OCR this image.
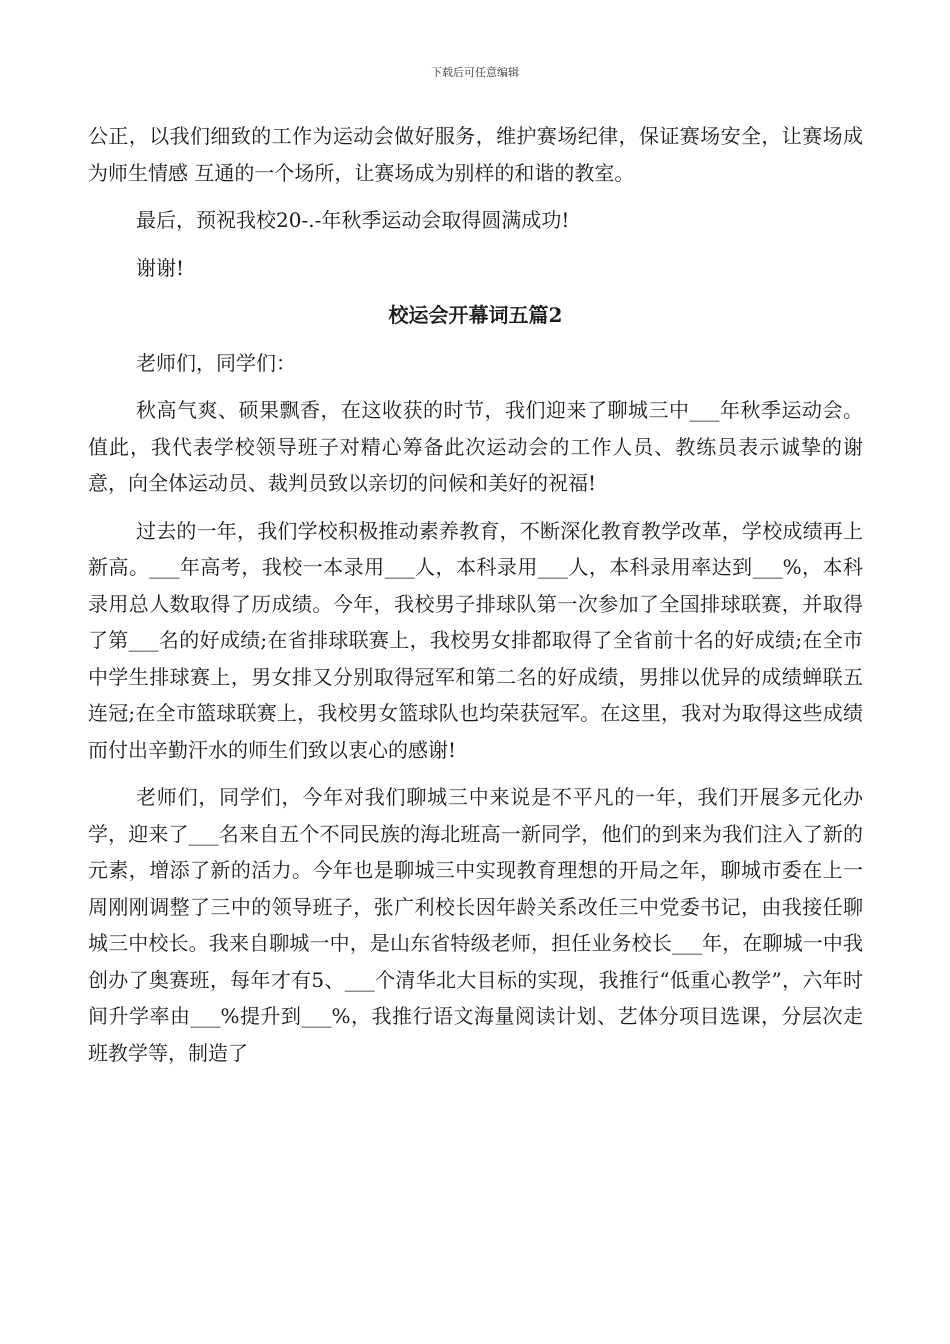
下载后可任意编辑

公正，以我们细致的工作为运动会做好服务，维护赛场纪律，保证赛场安全，让赛场成为师生情感 互通的一个场所，让赛场成为别样的和谐的教室。

最后，预祝我校20-.-年秋季运动会取得圆满成功!

谢谢!

校运会开幕词五篇2

老师们，同学们：

秋高气爽、硕果飘香，在这收获的时节，我们迎来了聊城三中___年秋季运动会。值此，我代表学校领导班子对精心筹备此次运动会的工作人员、教练员表示诚挚的谢意，向全体运动员、裁判员致以亲切的问候和美好的祝福!

过去的一年，我们学校积极推动素养教育，不断深化教育教学改革，学校成绩再上新高。___年高考，我校一本录用___人，本科录用___人，本科录用率达到___%，本科录用总人数取得了历成绩。今年，我校男子排球队第一次参加了全国排球联赛，并取得了第___名的好成绩;在省排球联赛上，我校男女排都取得了全省前十名的好成绩;在全市中学生排球赛上，男女排又分别取得冠军和第二名的好成绩，男排以优异的成绩蝉联五连冠;在全市篮球联赛上，我校男女篮球队也均荣获冠军。在这里，我对为取得这些成绩而付出辛勤汗水的师生们致以衷心的感谢!

老师们，同学们，今年对我们聊城三中来说是不平凡的一年，我们开展多元化办学，迎来了___名来自五个不同民族的海北班高一新同学，他们的到来为我们注入了新的元素，增添了新的活力。今年也是聊城三中实现教育理想的开局之年，聊城市委在上一周刚刚调整了三中的领导班子，张广利校长因年龄关系改任三中党委书记，由我接任聊城三中校长。我来自聊城一中，是山东省特级老师，担任业务校长___年，在聊城一中我创办了奥赛班，每年才有5、___个清华北大目标的实现，我推行“低重心教学”，六年时间升学率由___%提升到___%，我推行语文海量阅读计划、艺体分项目选课，分层次走班教学等，制造了
